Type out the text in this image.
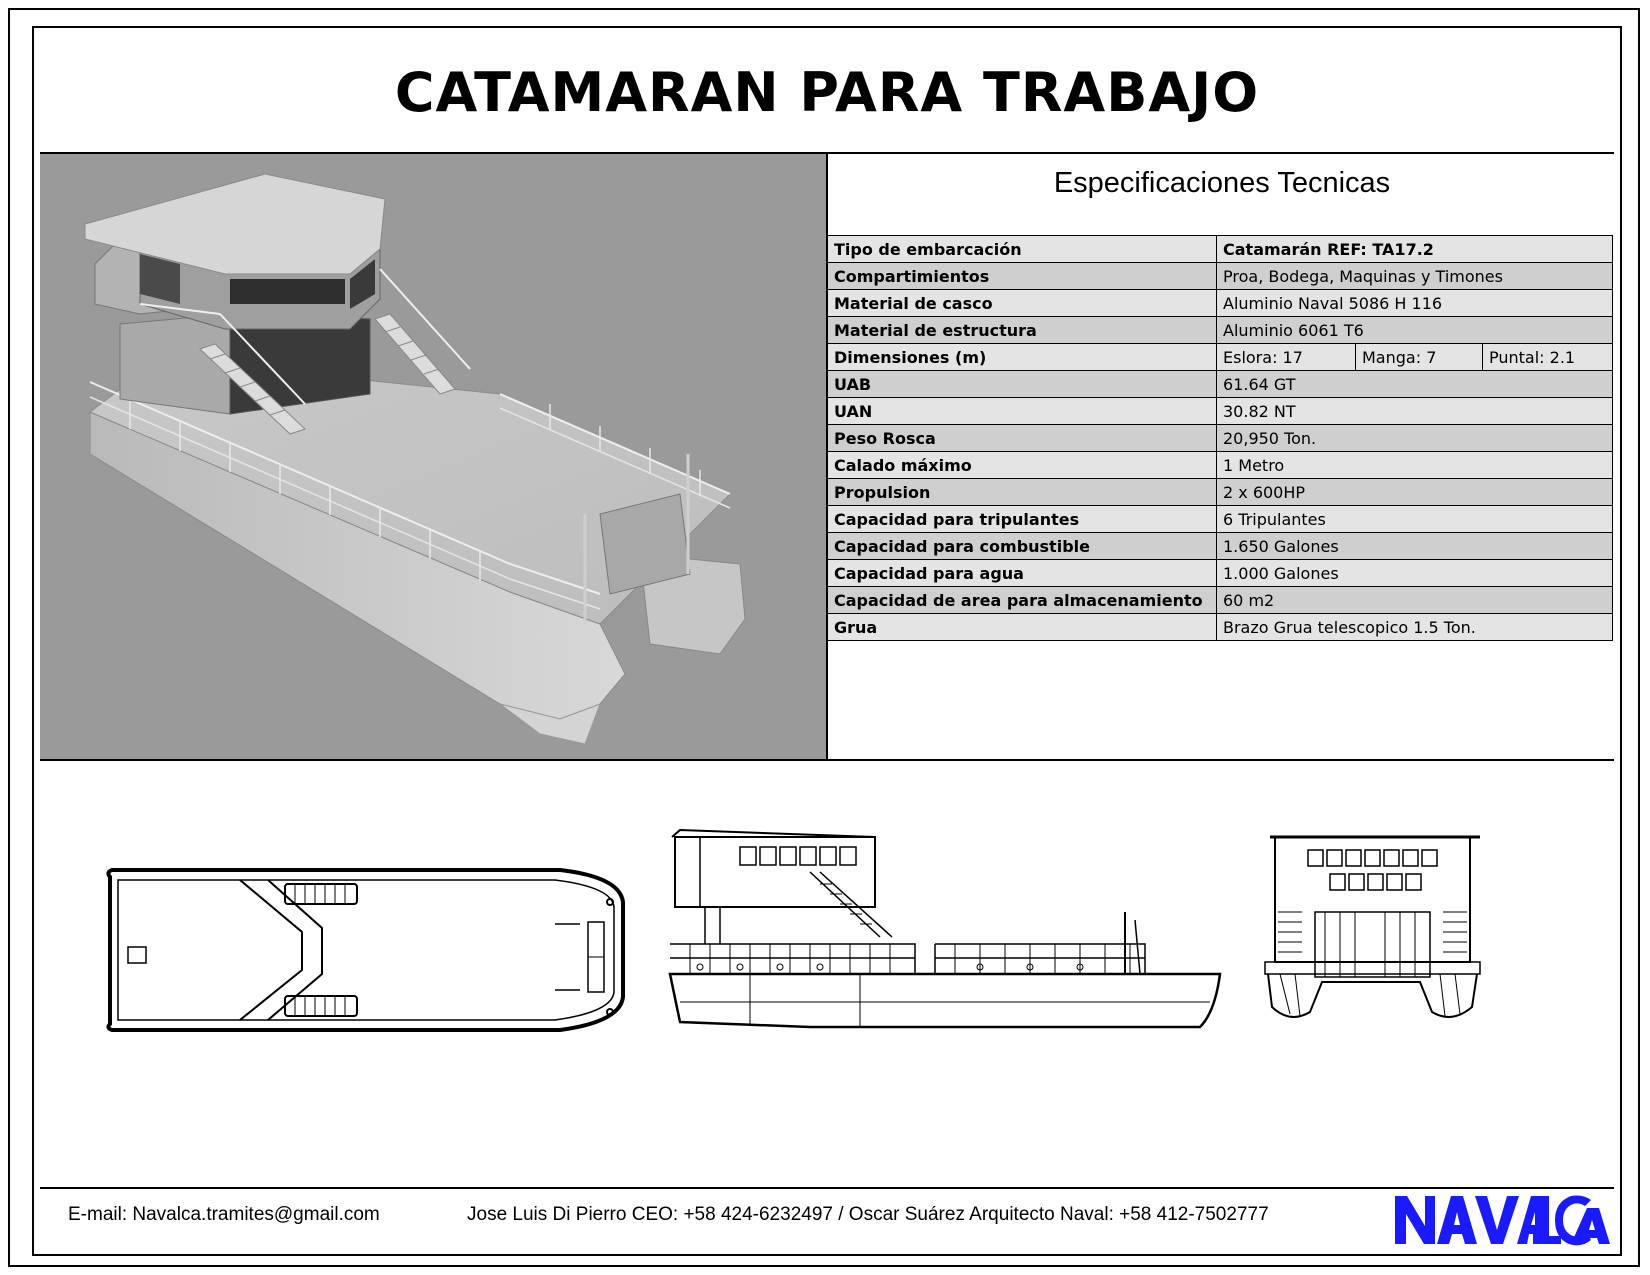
CATAMARAN PARA TRABAJO
Especificaciones Tecnicas
Tipo de embarcación	Catamarán REF: TA17.2
Compartimientos	Proa, Bodega, Maquinas y Timones
Material de casco	Aluminio Naval 5086 H 116
Material de estructura	Aluminio 6061 T6
Dimensiones (m)	Eslora: 17 Manga: 7 Puntal: 2.1

UAB	61.64 GT
UAN	30.82 NT
Peso Rosca	20,950 Ton.
Calado máximo	1 Metro
Propulsion	2 x 600HP
Capacidad para tripulantes	6 Tripulantes
Capacidad para combustible	1.650 Galones
Capacidad para agua	1.000 Galones
Capacidad de area para almacenamiento	60 m2
Grua	Brazo Grua telescopico 1.5 Ton.
E-mail: Navalca.tramites@gmail.com	Jose Luis Di Pierro CEO: +58 424-6232497 / Oscar Suárez Arquitecto Naval: +58 412-7502777
